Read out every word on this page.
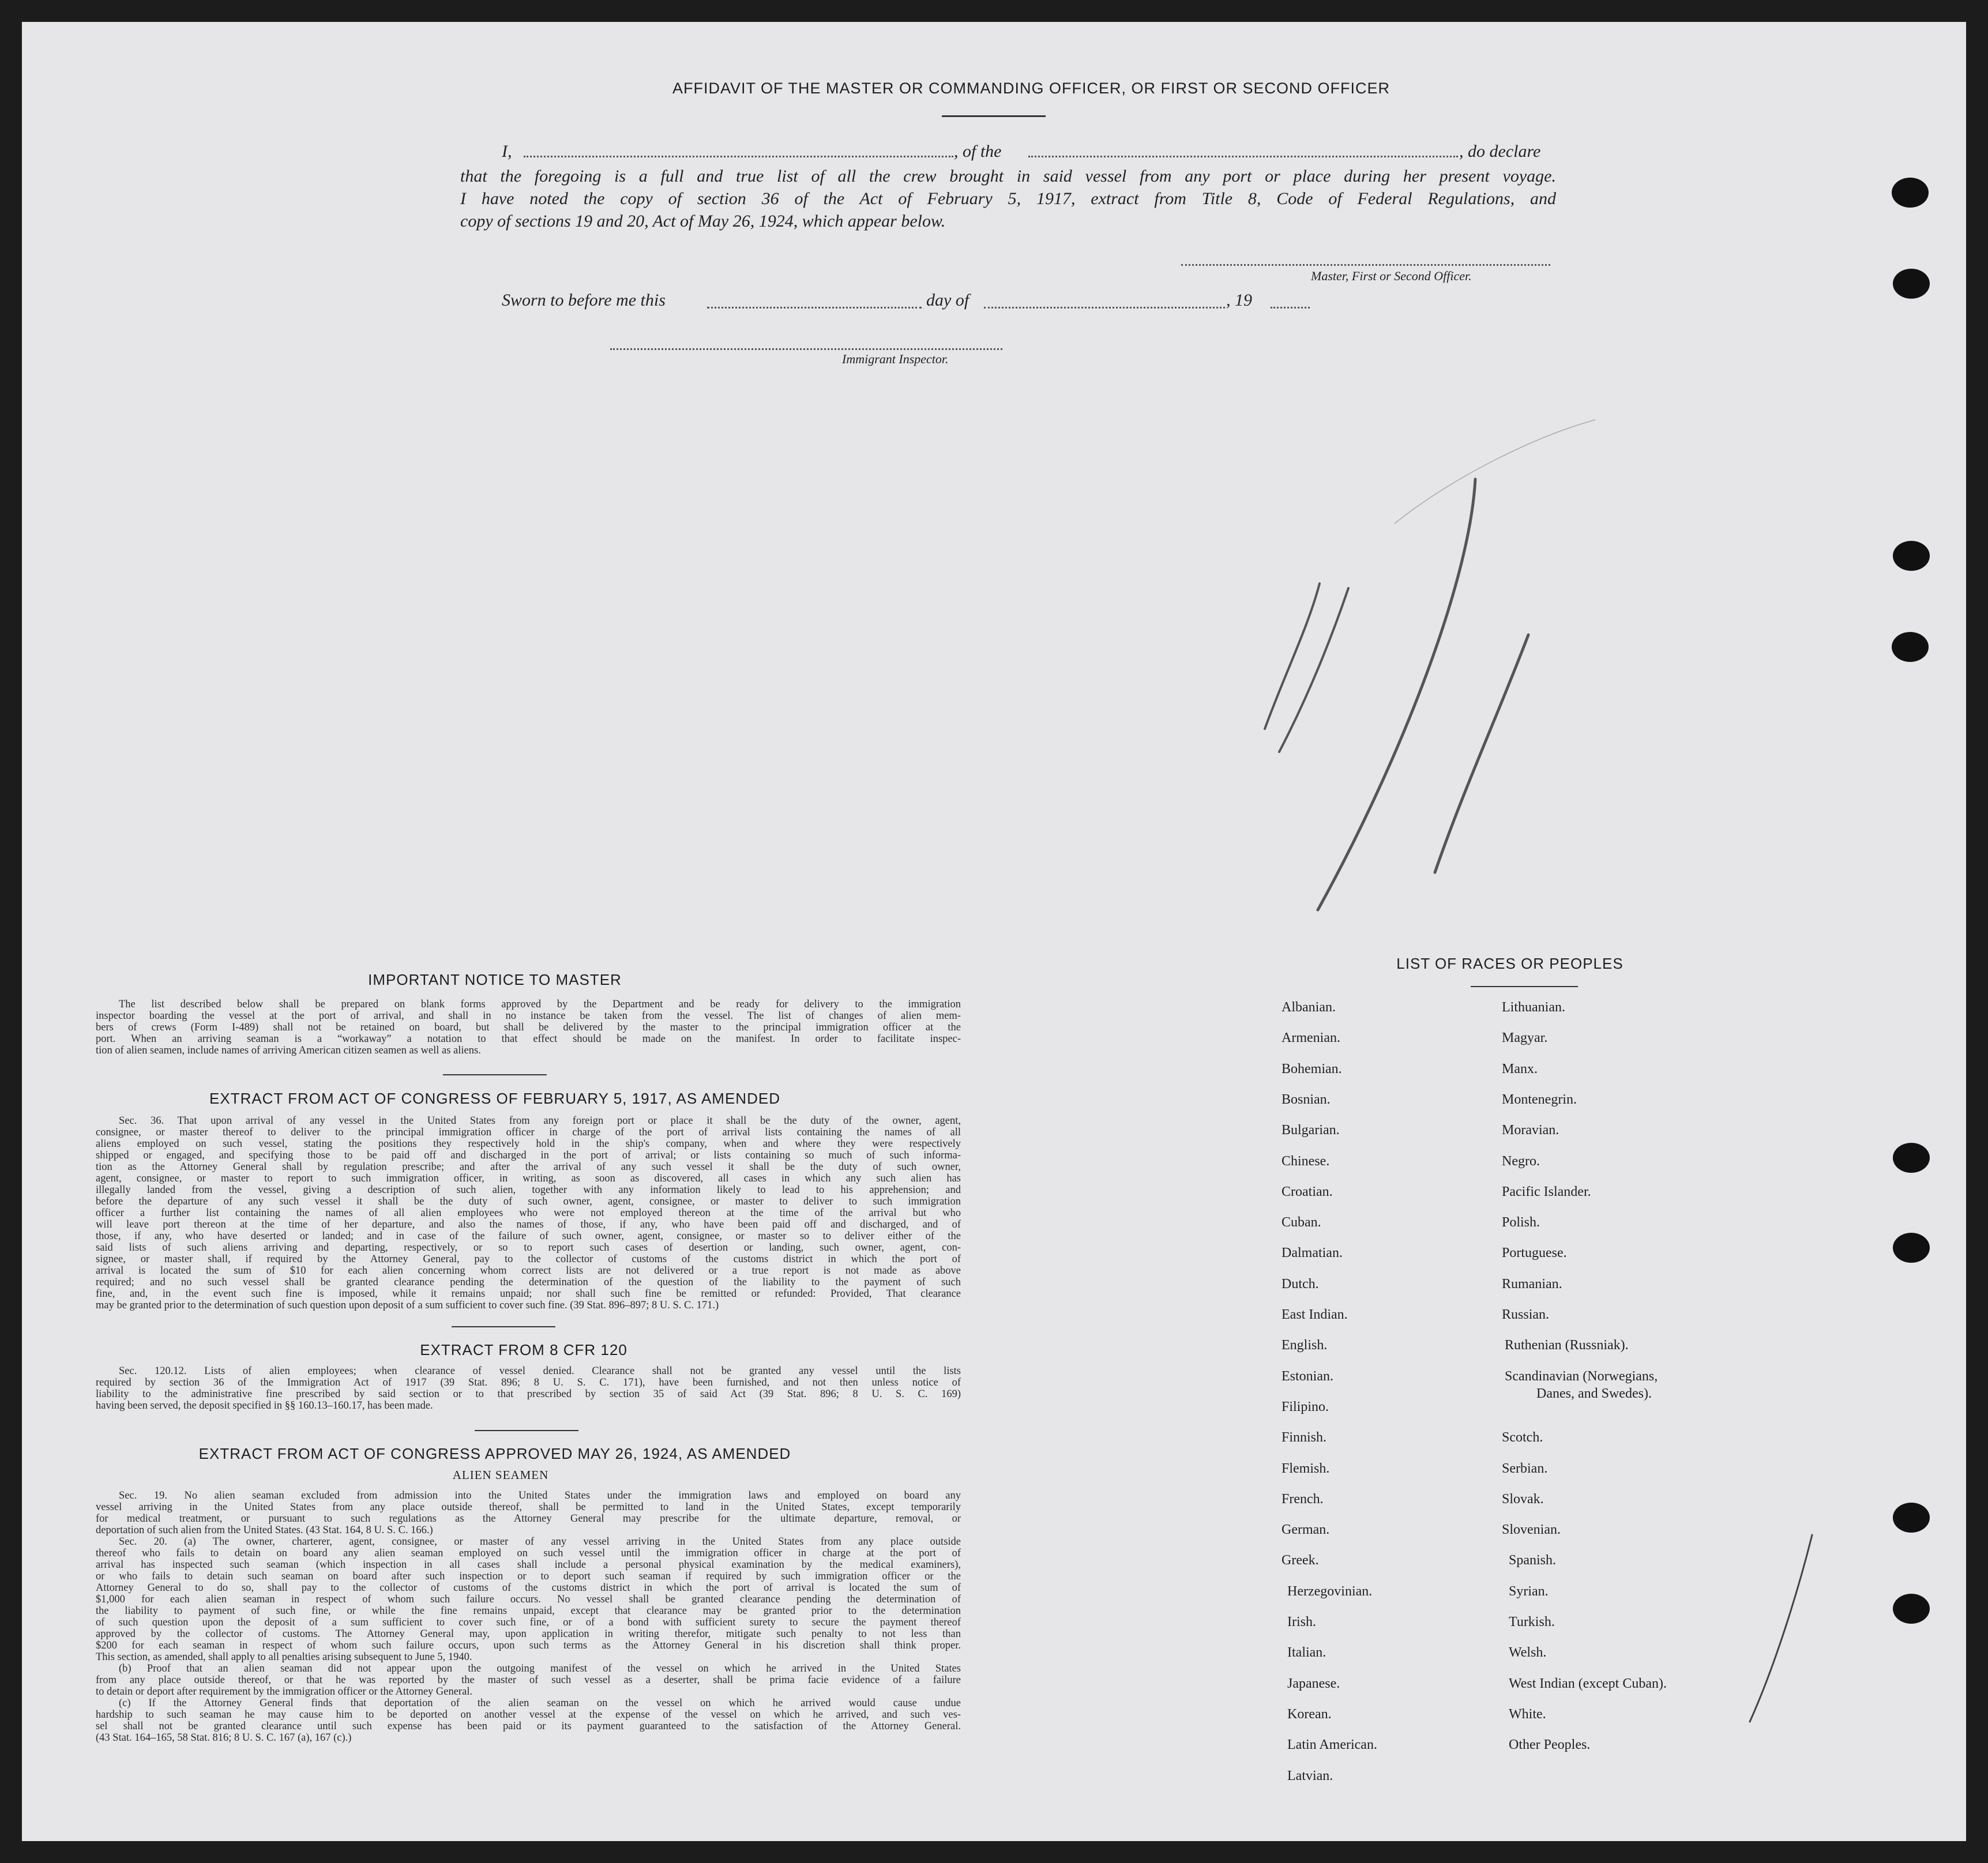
AFFIDAVIT OF THE MASTER OR COMMANDING OFFICER, OR FIRST OR SECOND OFFICER
I,	, of the	, do declare
that the foregoing is a full and true list of all the crew brought in said vessel from any port or place during her present voyage.
I have noted the copy of section 36 of the Act of February 5, 1917, extract from Title 8, Code of Federal Regulations, and
copy of sections 19 and 20, Act of May 26, 1924, which appear below.
Master, First or Second Officer.
Sworn to before me this	day of	, 19
Immigrant Inspector.
IMPORTANT NOTICE TO MASTER
The list described below shall be prepared on blank forms approved by the Department and be ready for delivery to the immigration
inspector boarding the vessel at the port of arrival, and shall in no instance be taken from the vessel. The list of changes of alien mem-
bers of crews (Form I-489) shall not be retained on board, but shall be delivered by the master to the principal immigration officer at the
port. When an arriving seaman is a “workaway” a notation to that effect should be made on the manifest. In order to facilitate inspec-
tion of alien seamen, include names of arriving American citizen seamen as well as aliens.
EXTRACT FROM ACT OF CONGRESS OF FEBRUARY 5, 1917, AS AMENDED
Sec. 36. That upon arrival of any vessel in the United States from any foreign port or place it shall be the duty of the owner, agent,
consignee, or master thereof to deliver to the principal immigration officer in charge of the port of arrival lists containing the names of all
aliens employed on such vessel, stating the positions they respectively hold in the ship's company, when and where they were respectively
shipped or engaged, and specifying those to be paid off and discharged in the port of arrival; or lists containing so much of such informa-
tion as the Attorney General shall by regulation prescribe; and after the arrival of any such vessel it shall be the duty of such owner,
agent, consignee, or master to report to such immigration officer, in writing, as soon as discovered, all cases in which any such alien has
illegally landed from the vessel, giving a description of such alien, together with any information likely to lead to his apprehension; and
before the departure of any such vessel it shall be the duty of such owner, agent, consignee, or master to deliver to such immigration
officer a further list containing the names of all alien employees who were not employed thereon at the time of the arrival but who
will leave port thereon at the time of her departure, and also the names of those, if any, who have been paid off and discharged, and of
those, if any, who have deserted or landed; and in case of the failure of such owner, agent, consignee, or master so to deliver either of the
said lists of such aliens arriving and departing, respectively, or so to report such cases of desertion or landing, such owner, agent, con-
signee, or master shall, if required by the Attorney General, pay to the collector of customs of the customs district in which the port of
arrival is located the sum of $10 for each alien concerning whom correct lists are not delivered or a true report is not made as above
required; and no such vessel shall be granted clearance pending the determination of the question of the liability to the payment of such
fine, and, in the event such fine is imposed, while it remains unpaid; nor shall such fine be remitted or refunded: Provided, That clearance
may be granted prior to the determination of such question upon deposit of a sum sufficient to cover such fine. (39 Stat. 896–897; 8 U. S. C. 171.)
EXTRACT FROM 8 CFR 120
Sec. 120.12. Lists of alien employees; when clearance of vessel denied. Clearance shall not be granted any vessel until the lists
required by section 36 of the Immigration Act of 1917 (39 Stat. 896; 8 U. S. C. 171), have been furnished, and not then unless notice of
liability to the administrative fine prescribed by said section or to that prescribed by section 35 of said Act (39 Stat. 896; 8 U. S. C. 169)
having been served, the deposit specified in §§ 160.13–160.17, has been made.
EXTRACT FROM ACT OF CONGRESS APPROVED MAY 26, 1924, AS AMENDED
ALIEN SEAMEN
Sec. 19. No alien seaman excluded from admission into the United States under the immigration laws and employed on board any
vessel arriving in the United States from any place outside thereof, shall be permitted to land in the United States, except temporarily
for medical treatment, or pursuant to such regulations as the Attorney General may prescribe for the ultimate departure, removal, or
deportation of such alien from the United States. (43 Stat. 164, 8 U. S. C. 166.)
Sec. 20. (a) The owner, charterer, agent, consignee, or master of any vessel arriving in the United States from any place outside
thereof who fails to detain on board any alien seaman employed on such vessel until the immigration officer in charge at the port of
arrival has inspected such seaman (which inspection in all cases shall include a personal physical examination by the medical examiners),
or who fails to detain such seaman on board after such inspection or to deport such seaman if required by such immigration officer or the
Attorney General to do so, shall pay to the collector of customs of the customs district in which the port of arrival is located the sum of
$1,000 for each alien seaman in respect of whom such failure occurs. No vessel shall be granted clearance pending the determination of
the liability to payment of such fine, or while the fine remains unpaid, except that clearance may be granted prior to the determination
of such question upon the deposit of a sum sufficient to cover such fine, or of a bond with sufficient surety to secure the payment thereof
approved by the collector of customs. The Attorney General may, upon application in writing therefor, mitigate such penalty to not less than
$200 for each seaman in respect of whom such failure occurs, upon such terms as the Attorney General in his discretion shall think proper.
This section, as amended, shall apply to all penalties arising subsequent to June 5, 1940.
(b) Proof that an alien seaman did not appear upon the outgoing manifest of the vessel on which he arrived in the United States
from any place outside thereof, or that he was reported by the master of such vessel as a deserter, shall be prima facie evidence of a failure
to detain or deport after requirement by the immigration officer or the Attorney General.
(c) If the Attorney General finds that deportation of the alien seaman on the vessel on which he arrived would cause undue
hardship to such seaman he may cause him to be deported on another vessel at the expense of the vessel on which he arrived, and such ves-
sel shall not be granted clearance until such expense has been paid or its payment guaranteed to the satisfaction of the Attorney General.
(43 Stat. 164–165, 58 Stat. 816; 8 U. S. C. 167 (a), 167 (c).)
LIST OF RACES OR PEOPLES
Albanian.
Armenian.
Bohemian.
Bosnian.
Bulgarian.
Chinese.
Croatian.
Cuban.
Dalmatian.
Dutch.
East Indian.
English.
Estonian.
Filipino.
Finnish.
Flemish.
French.
German.
Greek.
Herzegovinian.
Irish.
Italian.
Japanese.
Korean.
Latin American.
Latvian.
Lithuanian.
Magyar.
Manx.
Montenegrin.
Moravian.
Negro.
Pacific Islander.
Polish.
Portuguese.
Rumanian.
Russian.
Ruthenian (Russniak).
Scandinavian (Norwegians,
Danes, and Swedes).
Scotch.
Serbian.
Slovak.
Slovenian.
Spanish.
Syrian.
Turkish.
Welsh.
West Indian (except Cuban).
White.
Other Peoples.
